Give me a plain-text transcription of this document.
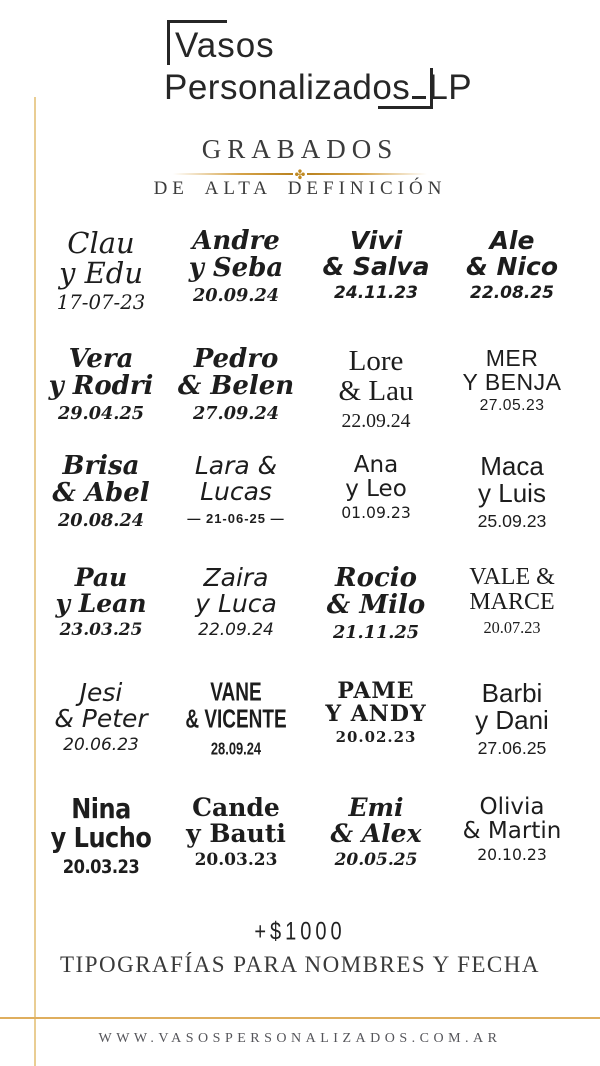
Vasos
Personalizados LP
GRABADOS
✤
DE ALTA DEFINICIÓN
Clau
y Edu
17-07-23
Andre
y Seba
20.09.24
Vivi
& Salva
24.11.23
Ale
& Nico
22.08.25
Vera
y Rodri
29.04.25
Pedro
& Belen
27.09.24
Lore
& Lau
22.09.24
MER
Y BENJA
27.05.23
Brisa
& Abel
20.08.24
Lara &
Lucas
— 21-06-25 —
Ana
y Leo
01.09.23
Maca
y Luis
25.09.23
Pau
y Lean
23.03.25
Zaira
y Luca
22.09.24
Rocio
& Milo
21.11.25
VALE &
MARCE
20.07.23
Jesi
& Peter
20.06.23
VANE
& VICENTE
28.09.24
PAME
Y ANDY
20.02.23
Barbi
y Dani
27.06.25
Nina
y Lucho
20.03.23
Cande
y Bauti
20.03.23
Emi
& Alex
20.05.25
Olivia
& Martin
20.10.23
+$1000
TIPOGRAFÍAS PARA NOMBRES Y FECHA
WWW.VASOSPERSONALIZADOS.COM.AR
